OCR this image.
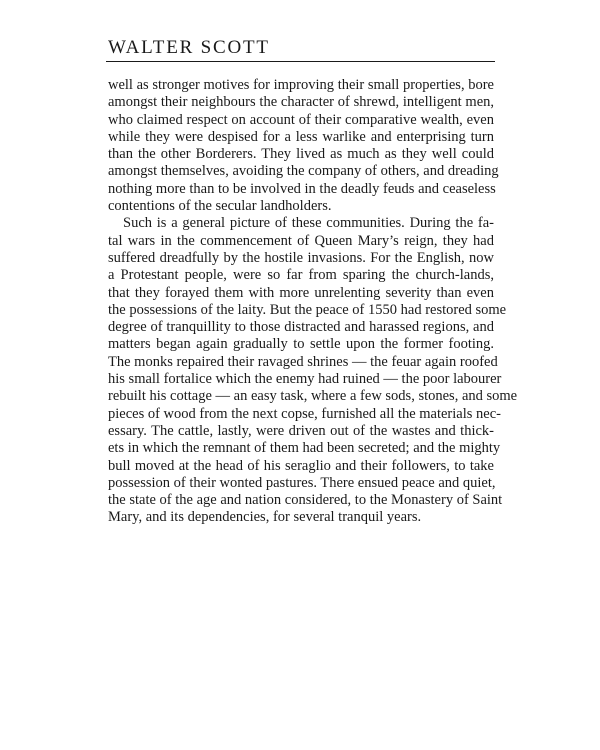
WALTER SCOTT
well as stronger motives for improving their small properties, bore
amongst their neighbours the character of shrewd, intelligent men,
who claimed respect on account of their comparative wealth, even
while they were despised for a less warlike and enterprising turn
than the other Borderers. They lived as much as they well could
amongst themselves, avoiding the company of others, and dreading
nothing more than to be involved in the deadly feuds and ceaseless
contentions of the secular landholders.
Such is a general picture of these communities. During the fa-
tal wars in the commencement of Queen Mary’s reign, they had
suffered dreadfully by the hostile invasions. For the English, now
a Protestant people, were so far from sparing the church-lands,
that they forayed them with more unrelenting severity than even
the possessions of the laity. But the peace of 1550 had restored some
degree of tranquillity to those distracted and harassed regions, and
matters began again gradually to settle upon the former footing.
The monks repaired their ravaged shrines — the feuar again roofed
his small fortalice which the enemy had ruined — the poor labourer
rebuilt his cottage — an easy task, where a few sods, stones, and some
pieces of wood from the next copse, furnished all the materials nec-
essary. The cattle, lastly, were driven out of the wastes and thick-
ets in which the remnant of them had been secreted; and the mighty
bull moved at the head of his seraglio and their followers, to take
possession of their wonted pastures. There ensued peace and quiet,
the state of the age and nation considered, to the Monastery of Saint
Mary, and its dependencies, for several tranquil years.
